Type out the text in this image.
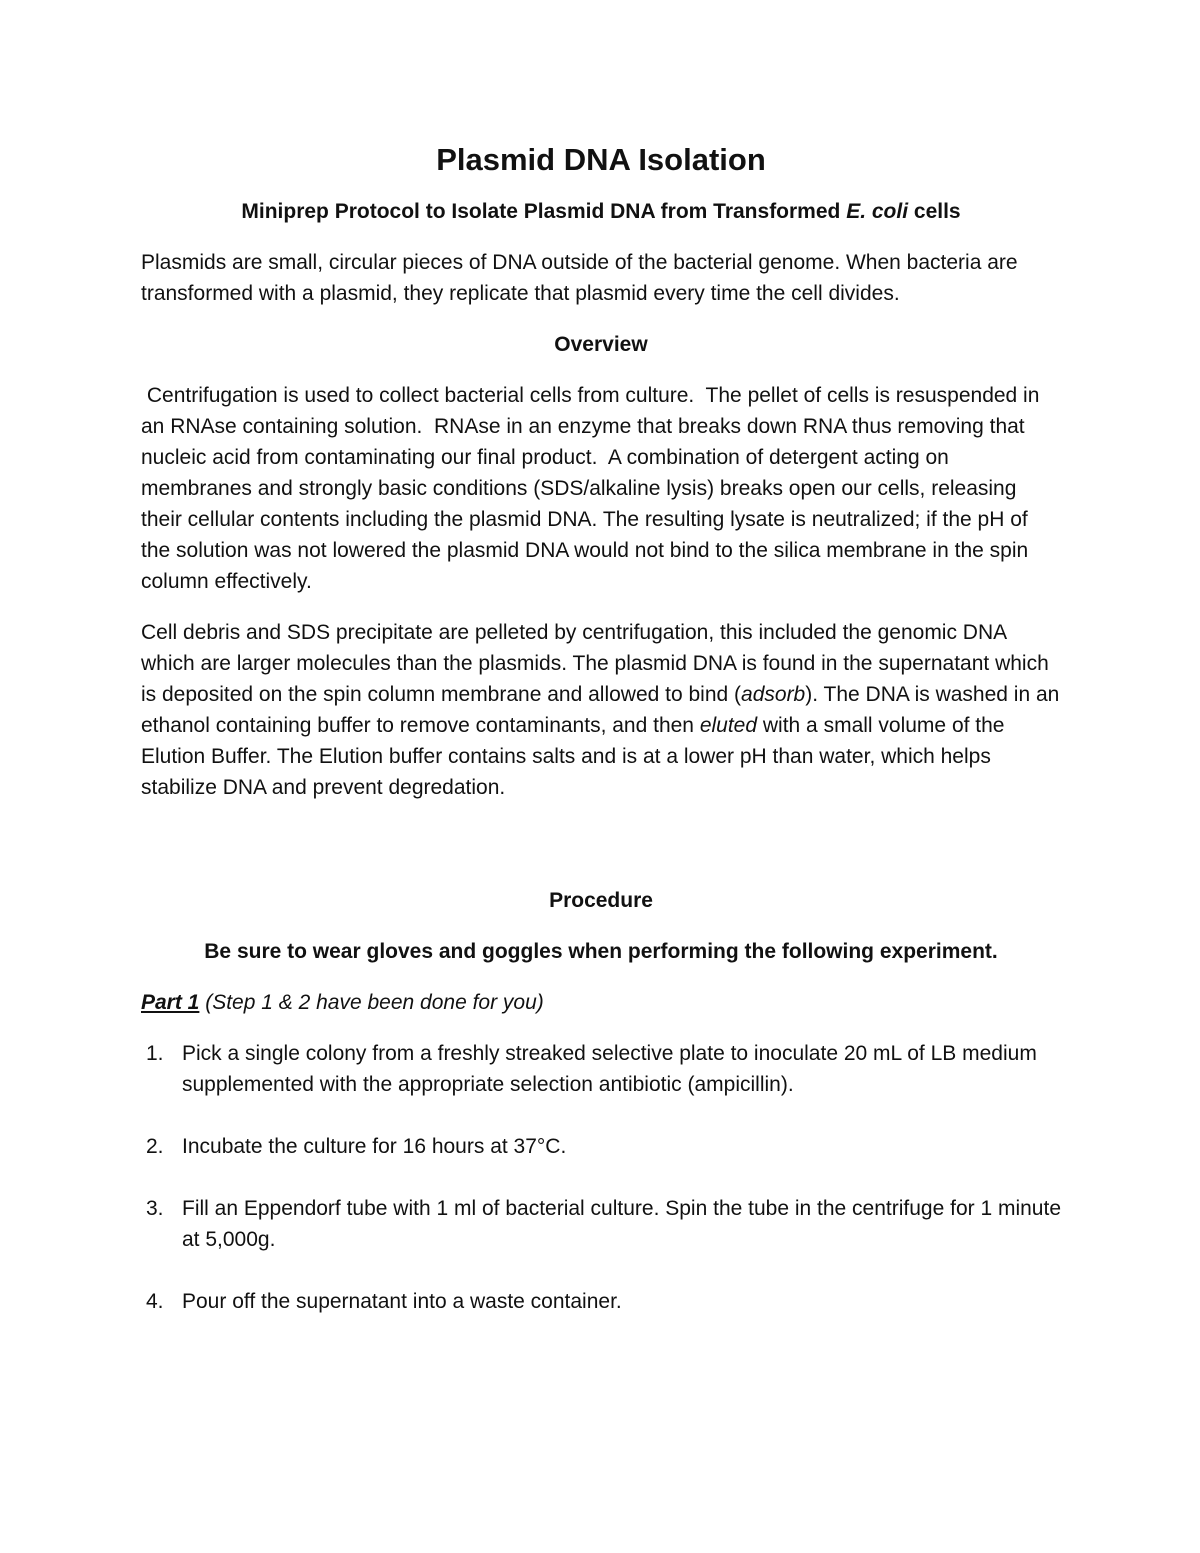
Plasmid DNA Isolation
Miniprep Protocol to Isolate Plasmid DNA from Transformed E. coli cells

Plasmids are small, circular pieces of DNA outside of the bacterial genome. When bacteria are transformed with a plasmid, they replicate that plasmid every time the cell divides.

Overview

Centrifugation is used to collect bacterial cells from culture.  The pellet of cells is resuspended in an RNAse containing solution.  RNAse in an enzyme that breaks down RNA thus removing that nucleic acid from contaminating our final product.  A combination of detergent acting on membranes and strongly basic conditions (SDS/alkaline lysis) breaks open our cells, releasing their cellular contents including the plasmid DNA. The resulting lysate is neutralized; if the pH of the solution was not lowered the plasmid DNA would not bind to the silica membrane in the spin column effectively.

Cell debris and SDS precipitate are pelleted by centrifugation, this included the genomic DNA which are larger molecules than the plasmids. The plasmid DNA is found in the supernatant which is deposited on the spin column membrane and allowed to bind (adsorb). The DNA is washed in an ethanol containing buffer to remove contaminants, and then eluted with a small volume of the Elution Buffer. The Elution buffer contains salts and is at a lower pH than water, which helps stabilize DNA and prevent degredation.

Procedure
Be sure to wear gloves and goggles when performing the following experiment.
Part 1 (Step 1 & 2 have been done for you)
1. Pick a single colony from a freshly streaked selective plate to inoculate 20 mL of LB medium supplemented with the appropriate selection antibiotic (ampicillin).
2. Incubate the culture for 16 hours at 37°C.
3. Fill an Eppendorf tube with 1 ml of bacterial culture. Spin the tube in the centrifuge for 1 minute at 5,000g.
4. Pour off the supernatant into a waste container.
